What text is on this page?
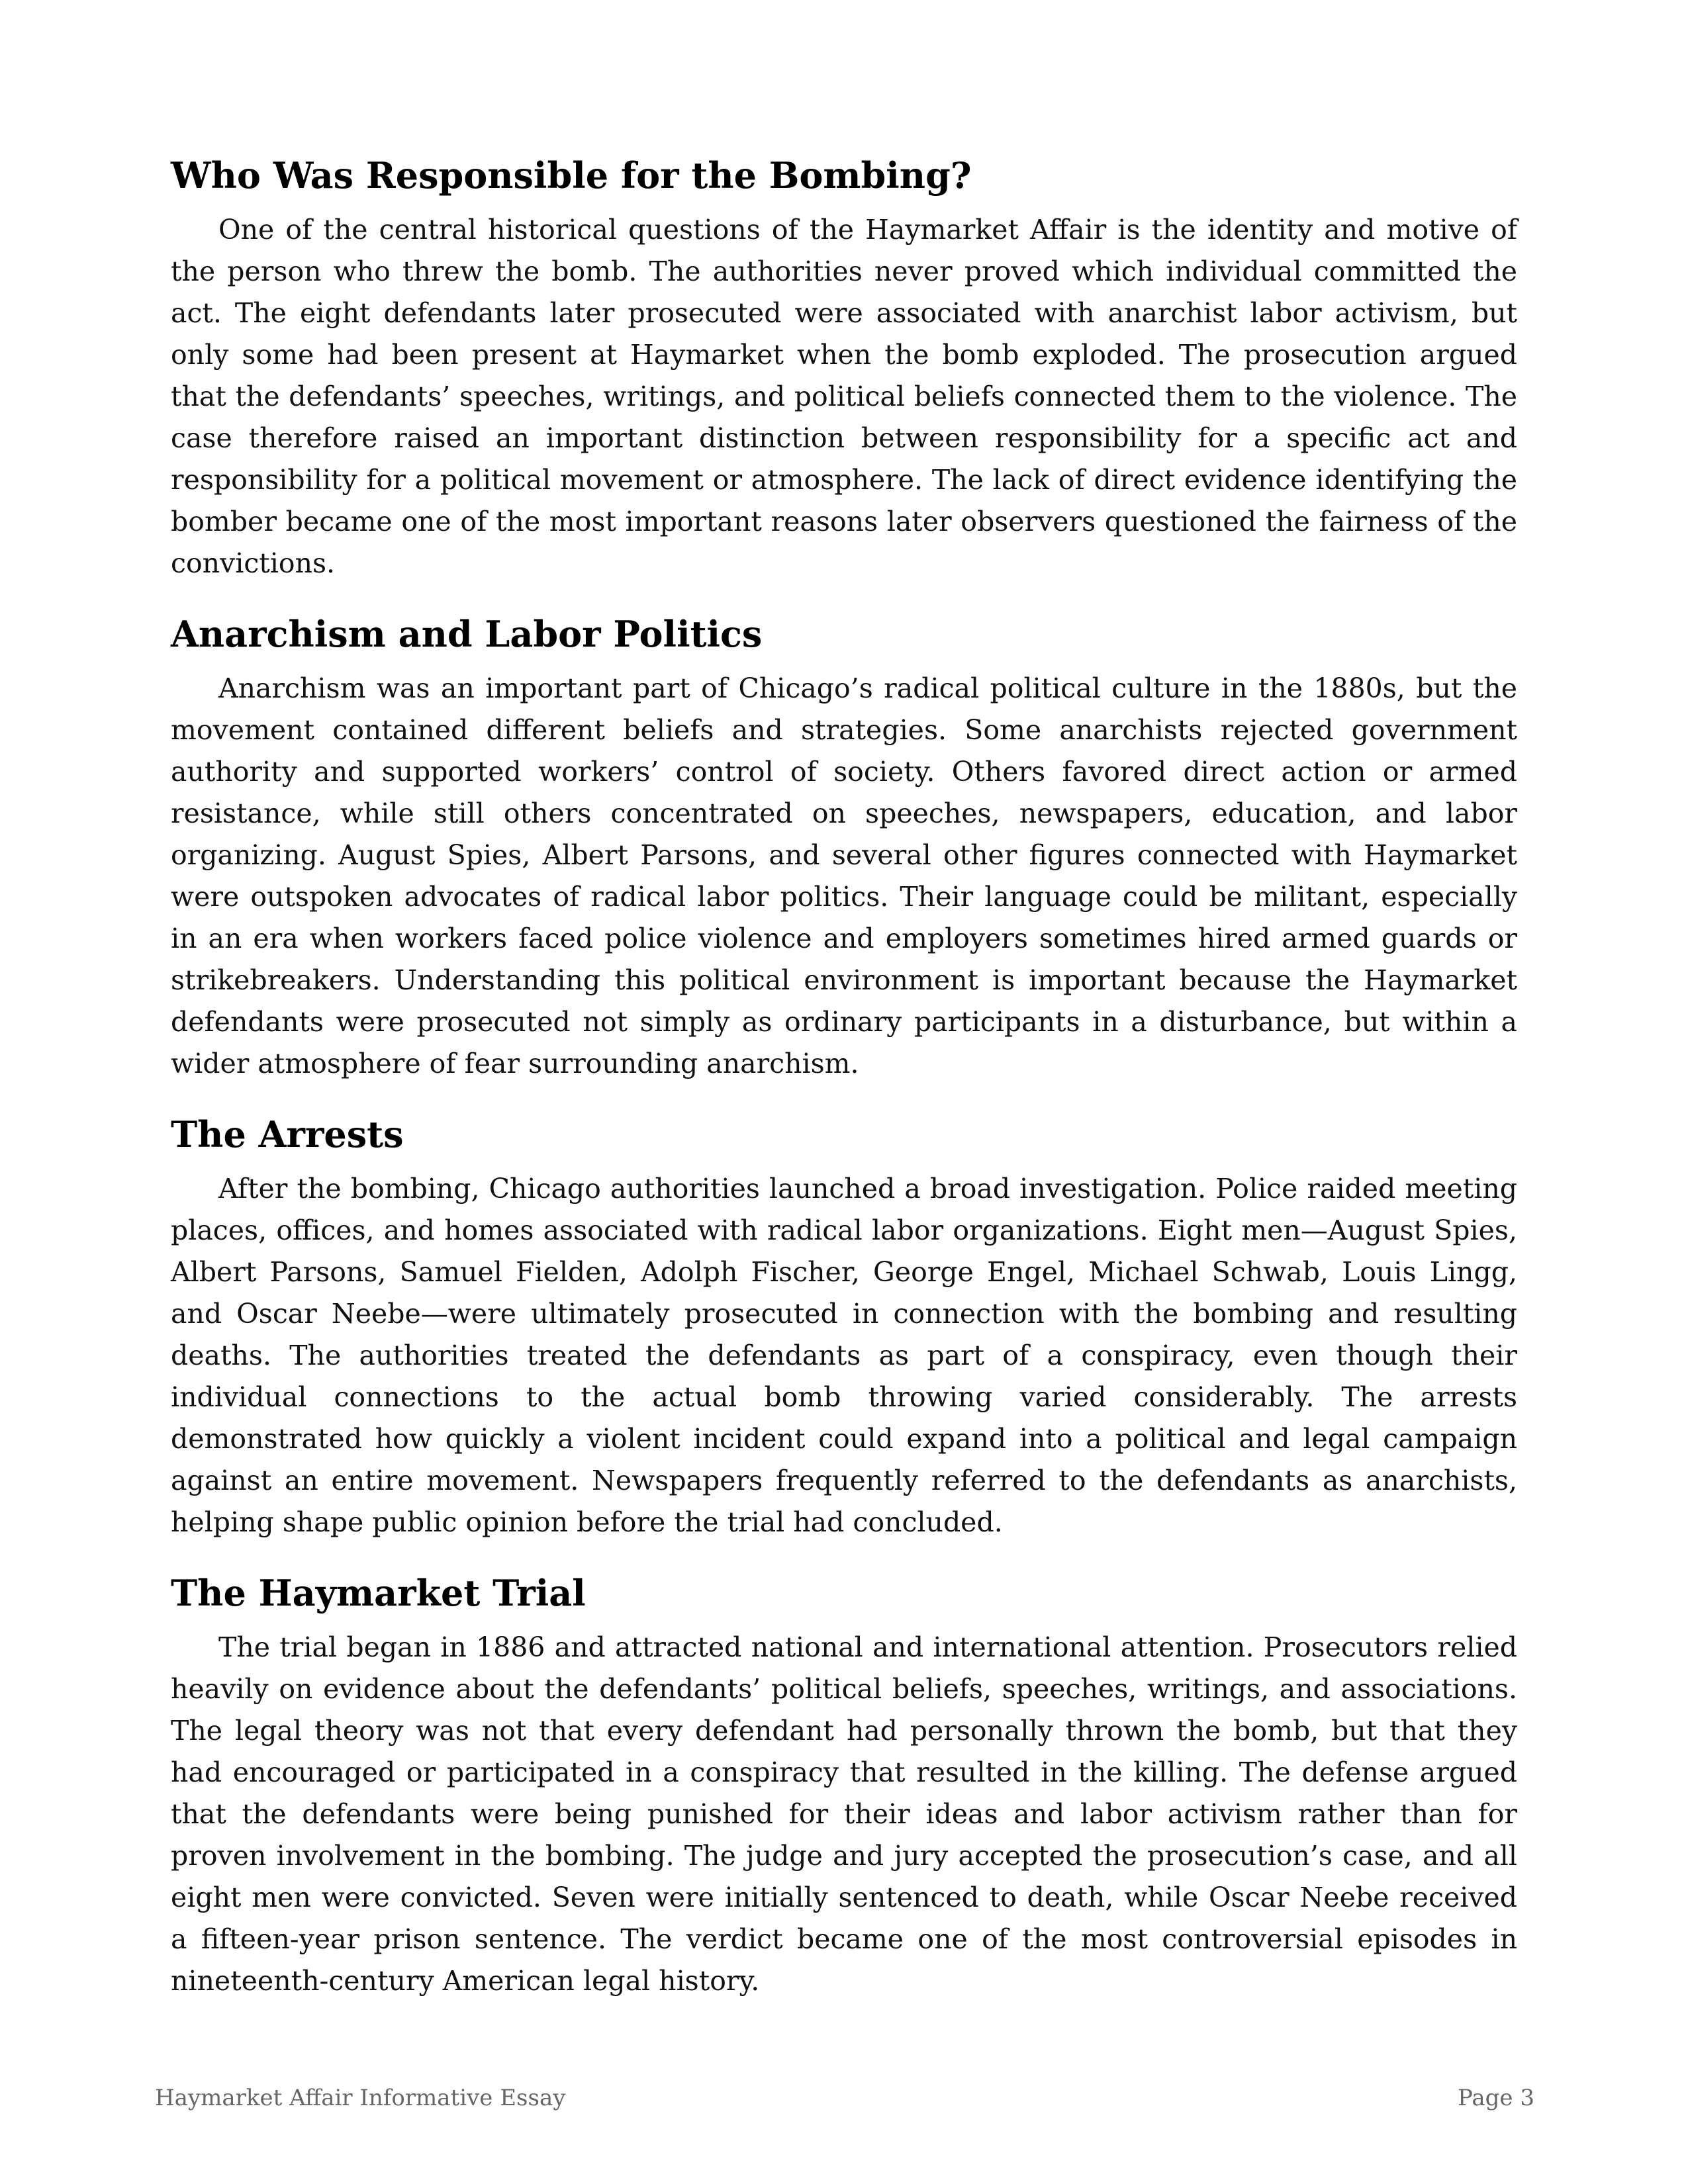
Who Was Responsible for the Bombing?

One of the central historical questions of the Haymarket Affair is the identity and motive of the person who threw the bomb. The authorities never proved which individual committed the act. The eight defendants later prosecuted were associated with anarchist labor activism, but only some had been present at Haymarket when the bomb exploded. The prosecution argued that the defendants’ speeches, writings, and political beliefs connected them to the violence. The case therefore raised an important distinction between responsibility for a specific act and responsibility for a political movement or atmosphere. The lack of direct evidence identifying the bomber became one of the most important reasons later observers questioned the fairness of the convictions.

Anarchism and Labor Politics

Anarchism was an important part of Chicago’s radical political culture in the 1880s, but the movement contained different beliefs and strategies. Some anarchists rejected government authority and supported workers’ control of society. Others favored direct action or armed resistance, while still others concentrated on speeches, newspapers, education, and labor organizing. August Spies, Albert Parsons, and several other figures connected with Haymarket were outspoken advocates of radical labor politics. Their language could be militant, especially in an era when workers faced police violence and employers sometimes hired armed guards or strikebreakers. Understanding this political environment is important because the Haymarket defendants were prosecuted not simply as ordinary participants in a disturbance, but within a wider atmosphere of fear surrounding anarchism.

The Arrests

After the bombing, Chicago authorities launched a broad investigation. Police raided meeting places, offices, and homes associated with radical labor organizations. Eight men—August Spies, Albert Parsons, Samuel Fielden, Adolph Fischer, George Engel, Michael Schwab, Louis Lingg, and Oscar Neebe—were ultimately prosecuted in connection with the bombing and resulting deaths. The authorities treated the defendants as part of a conspiracy, even though their individual connections to the actual bomb throwing varied considerably. The arrests demonstrated how quickly a violent incident could expand into a political and legal campaign against an entire movement. Newspapers frequently referred to the defendants as anarchists, helping shape public opinion before the trial had concluded.

The Haymarket Trial

The trial began in 1886 and attracted national and international attention. Prosecutors relied heavily on evidence about the defendants’ political beliefs, speeches, writings, and associations. The legal theory was not that every defendant had personally thrown the bomb, but that they had encouraged or participated in a conspiracy that resulted in the killing. The defense argued that the defendants were being punished for their ideas and labor activism rather than for proven involvement in the bombing. The judge and jury accepted the prosecution’s case, and all eight men were convicted. Seven were initially sentenced to death, while Oscar Neebe received a fifteen-year prison sentence. The verdict became one of the most controversial episodes in nineteenth-century American legal history.

Haymarket Affair Informative Essay	Page 3
